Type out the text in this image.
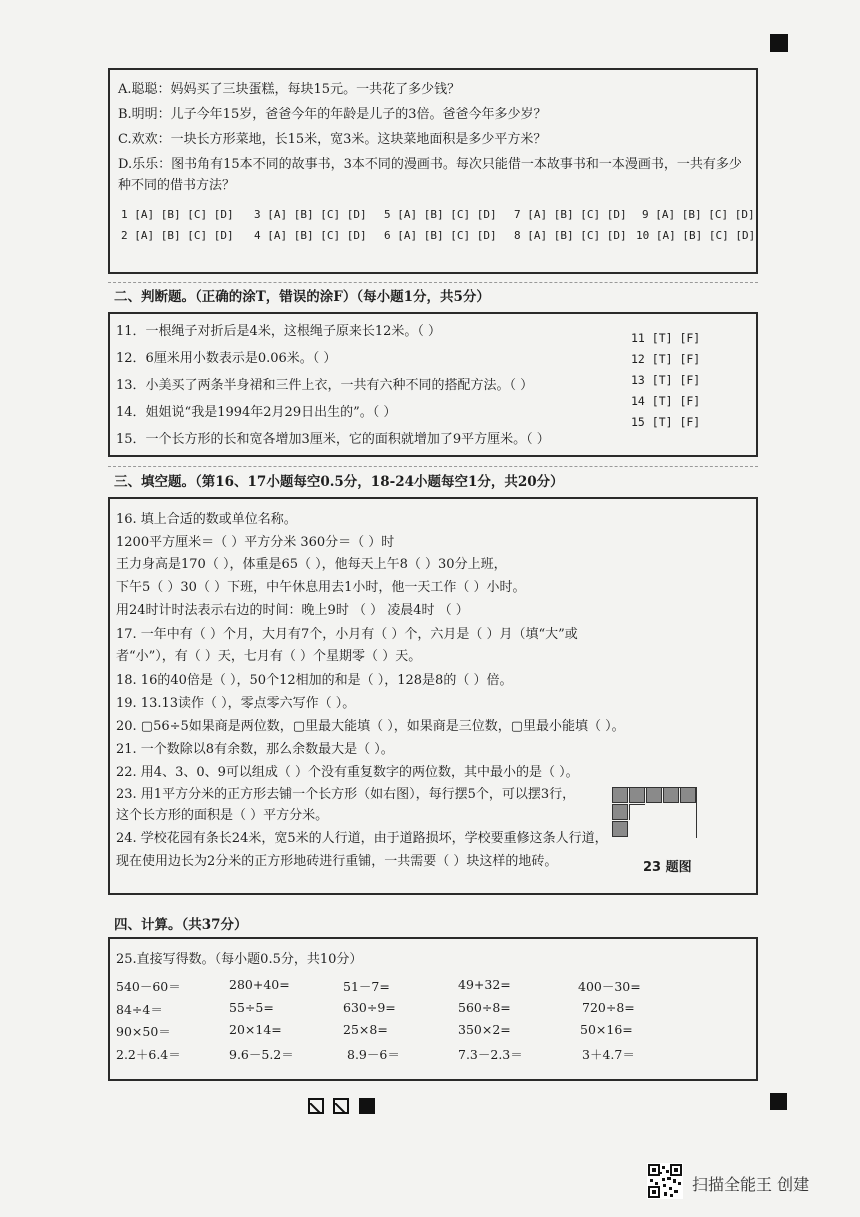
A.聪聪：妈妈买了三块蛋糕，每块15元。一共花了多少钱？
B.明明：儿子今年15岁，爸爸今年的年龄是儿子的3倍。爸爸今年多少岁？
C.欢欢：一块长方形菜地，长15米，宽3米。这块菜地面积是多少平方米？
D.乐乐：图书角有15本不同的故事书，3本不同的漫画书。每次只能借一本故事书和一本漫画书，一共有多少
种不同的借书方法？
1 [A] [B] [C] [D] 3 [A] [B] [C] [D] 5 [A] [B] [C] [D] 7 [A] [B] [C] [D] 9 [A] [B] [C] [D]
2 [A] [B] [C] [D] 4 [A] [B] [C] [D] 6 [A] [B] [C] [D] 8 [A] [B] [C] [D] 10 [A] [B] [C] [D]
二、判断题。（正确的涂T，错误的涂F）（每小题1分，共5分）
11．一根绳子对折后是4米，这根绳子原来长12米。（ ）
12．6厘米用小数表示是0.06米。（ ）
13．小美买了两条半身裙和三件上衣，一共有六种不同的搭配方法。（ ）
14．姐姐说“我是1994年2月29日出生的”。（ ）
15．一个长方形的长和宽各增加3厘米，它的面积就增加了9平方厘米。（ ）
11 [T] [F]
12 [T] [F]
13 [T] [F]
14 [T] [F]
15 [T] [F]
三、填空题。（第16、17小题每空0.5分，18-24小题每空1分，共20分）
16. 填上合适的数或单位名称。
1200平方厘米＝（ ）平方分米 360分＝（ ）时
王力身高是170（ ），体重是65（ ），他每天上午8（ ）30分上班，
下午5（ ）30（ ）下班，中午休息用去1小时，他一天工作（ ）小时。
用24时计时法表示右边的时间：晚上9时 （ ） 凌晨4时 （ ）
17. 一年中有（ ）个月，大月有7个，小月有（ ）个，六月是（ ）月（填“大”或
者“小”），有（ ）天，七月有（ ）个星期零（ ）天。
18. 16的40倍是（ ），50个12相加的和是（ ），128是8的（ ）倍。
19. 13.13读作（ ），零点零六写作（ ）。
20. ▢56÷5如果商是两位数，▢里最大能填（ ），如果商是三位数，▢里最小能填（ ）。
21. 一个数除以8有余数，那么余数最大是（ ）。
22. 用4、3、0、9可以组成（ ）个没有重复数字的两位数，其中最小的是（ ）。
23. 用1平方分米的正方形去铺一个长方形（如右图），每行摆5个，可以摆3行，
这个长方形的面积是（ ）平方分米。
24. 学校花园有条长24米，宽5米的人行道，由于道路损坏，学校要重修这条人行道，
现在使用边长为2分米的正方形地砖进行重铺，一共需要（ ）块这样的地砖。	23 题图
四、计算。（共37分）
25.直接写得数。（每小题0.5分，共10分）
540－60＝	280+40=	51－7=	49+32=	400－30=
84÷4＝	55÷5=	630÷9=	560÷8=	720÷8=
90×50＝	20×14=	25×8=	350×2=	50×16=
2.2＋6.4＝	9.6－5.2＝	8.9－6＝	7.3－2.3＝	3＋4.7＝
扫描全能王 创建
